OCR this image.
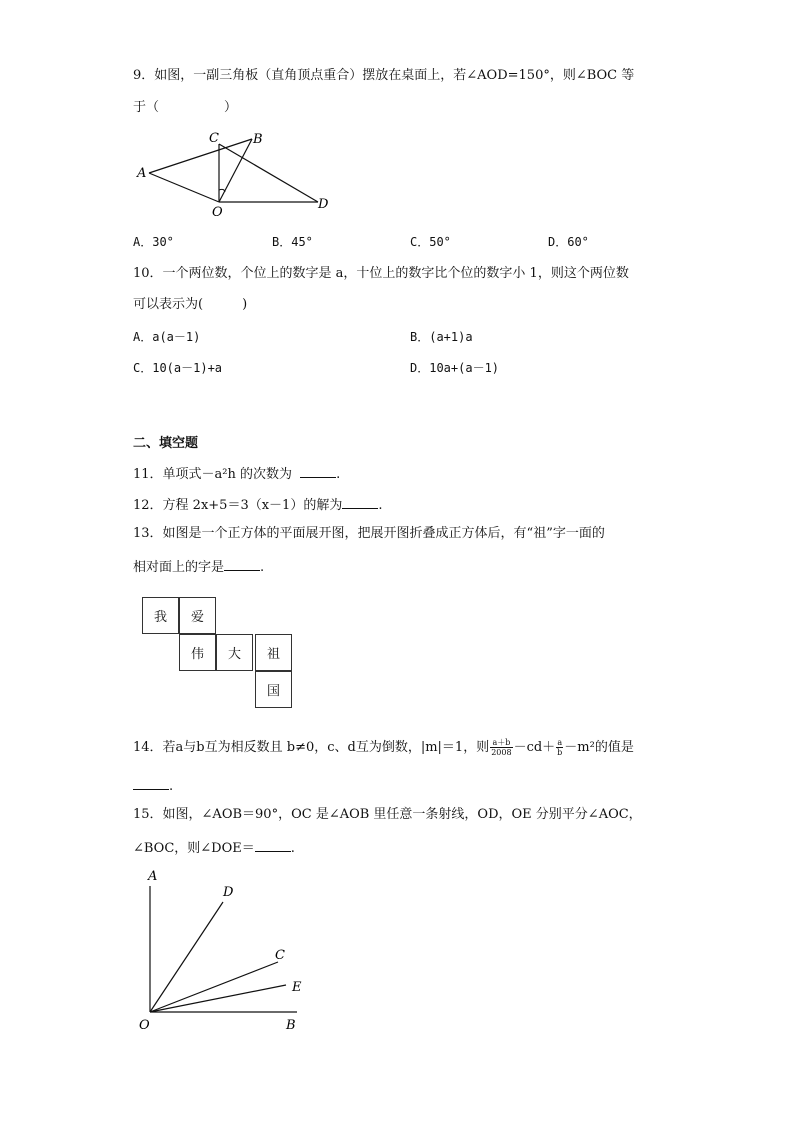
9．如图，一副三角板（直角顶点重合）摆放在桌面上，若∠AOD=150°，则∠BOC 等
于（　　　　　）
A
C	B
O
D
A．30°	B．45°	C．50°	D．60°
10．一个两位数，个位上的数字是 a，十位上的数字比个位的数字小 1，则这个两位数
可以表示为(　　　)
A．a(a－1)	B．(a+1)a
C．10(a－1)+a	D．10a+(a－1)
二、填空题
11．单项式－a²h 的次数为	.
12．方程 2x+5＝3（x－1）的解为	.
13．如图是一个正方体的平面展开图，把展开图折叠成正方体后，有“祖”字一面的
相对面上的字是	.
我	爱
伟	大	祖
国
14．若a与b互为相反数且 b≠0，c、d互为倒数，|m|＝1，则 $\frac{a+b}{2008} -cd+ \frac{a}{b} -m^2$的值是
.
15．如图，∠AOB＝90°，OC 是∠AOB 里任意一条射线，OD，OE 分别平分∠AOC，
∠BOC，则∠DOE＝	.
A
D
C
E
O	B
